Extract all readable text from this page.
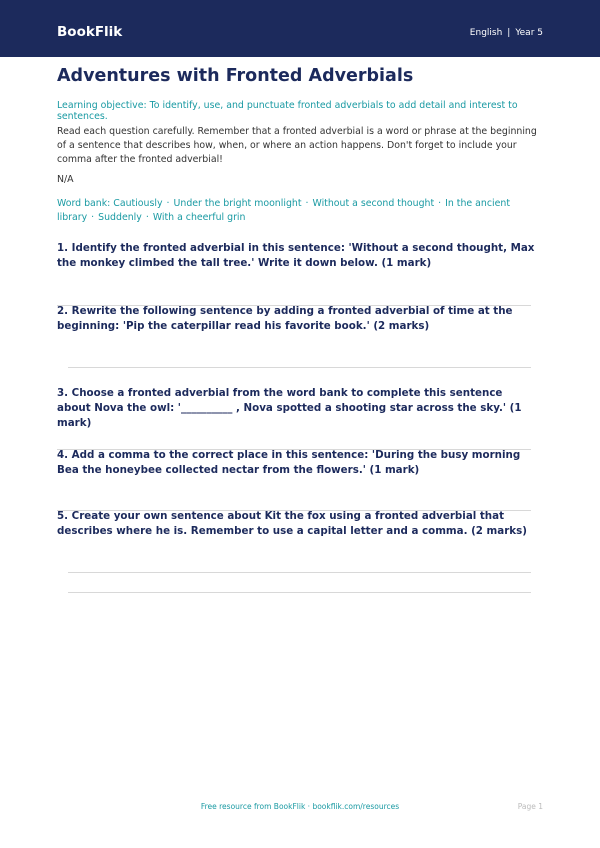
BookFlik	English | Year 5
Adventures with Fronted Adverbials
Learning objective: To identify, use, and punctuate fronted adverbials to add detail and interest to sentences.
Read each question carefully. Remember that a fronted adverbial is a word or phrase at the beginning of a sentence that describes how, when, or where an action happens. Don't forget to include your comma after the fronted adverbial!
N/A
Word bank: Cautiously · Under the bright moonlight · Without a second thought · In the ancient library · Suddenly · With a cheerful grin
1. Identify the fronted adverbial in this sentence: 'Without a second thought, Max the monkey climbed the tall tree.' Write it down below. (1 mark)
2. Rewrite the following sentence by adding a fronted adverbial of time at the beginning: 'Pip the caterpillar read his favorite book.' (2 marks)
3. Choose a fronted adverbial from the word bank to complete this sentence about Nova the owl: '__________ , Nova spotted a shooting star across the sky.' (1 mark)
4. Add a comma to the correct place in this sentence: 'During the busy morning Bea the honeybee collected nectar from the flowers.' (1 mark)
5. Create your own sentence about Kit the fox using a fronted adverbial that describes where he is. Remember to use a capital letter and a comma. (2 marks)
Free resource from BookFlik · bookflik.com/resources	Page 1
